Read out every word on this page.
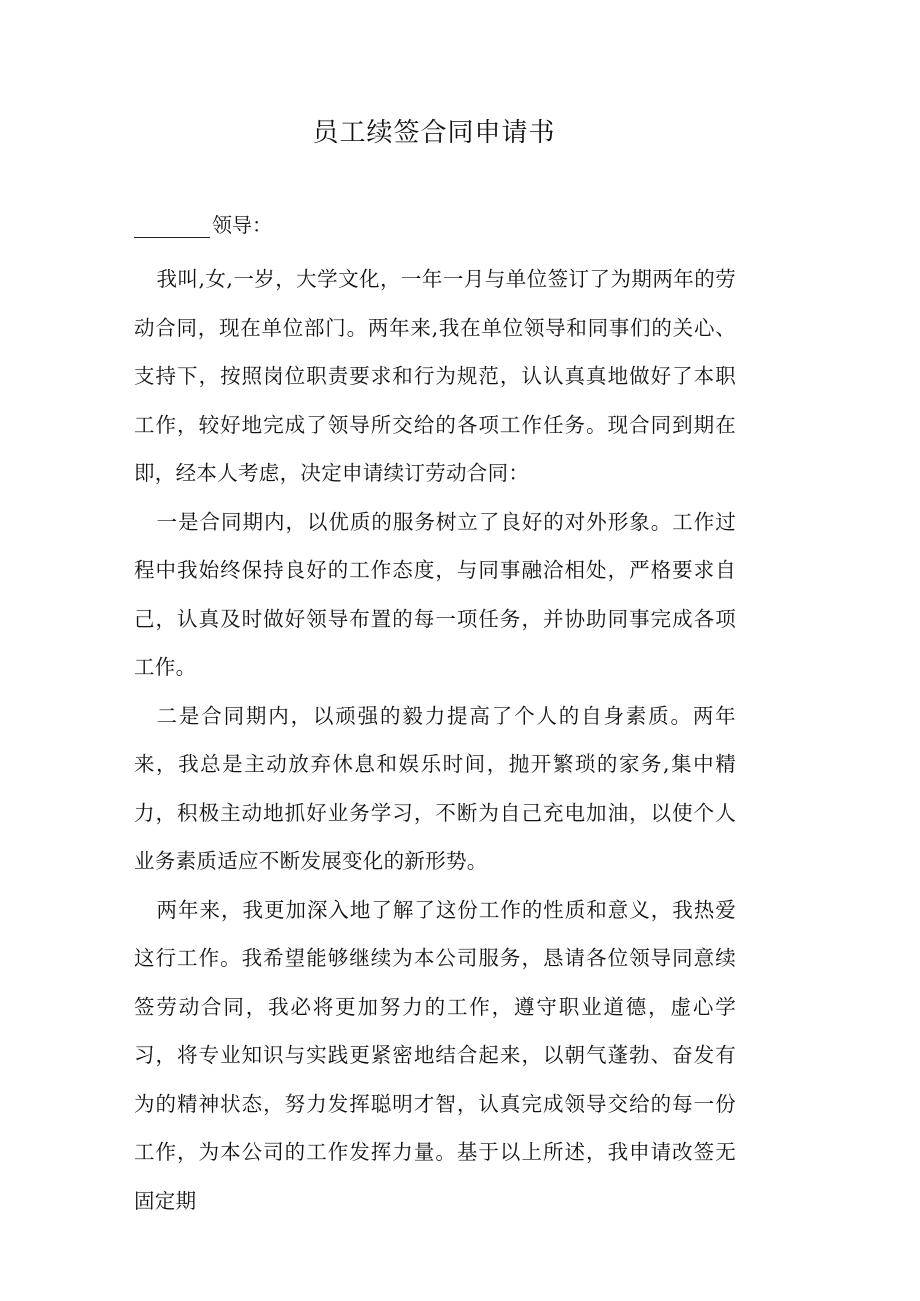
员工续签合同申请书
领导：

我叫,女,一岁，大学文化，一年一月与单位签订了为期两年的劳动合同，现在单位部门。两年来,我在单位领导和同事们的关心、支持下，按照岗位职责要求和行为规范，认认真真地做好了本职工作，较好地完成了领导所交给的各项工作任务。现合同到期在即，经本人考虑，决定申请续订劳动合同：

一是合同期内，以优质的服务树立了良好的对外形象。工作过程中我始终保持良好的工作态度，与同事融洽相处，严格要求自己，认真及时做好领导布置的每一项任务，并协助同事完成各项工作。

二是合同期内，以顽强的毅力提高了个人的自身素质。两年来，我总是主动放弃休息和娱乐时间，抛开繁琐的家务,集中精力，积极主动地抓好业务学习，不断为自己充电加油，以使个人业务素质适应不断发展变化的新形势。

两年来，我更加深入地了解了这份工作的性质和意义，我热爱这行工作。我希望能够继续为本公司服务，恳请各位领导同意续签劳动合同，我必将更加努力的工作，遵守职业道德，虚心学习，将专业知识与实践更紧密地结合起来，以朝气蓬勃、奋发有为的精神状态，努力发挥聪明才智，认真完成领导交给的每一份工作，为本公司的工作发挥力量。基于以上所述，我申请改签无固定期
